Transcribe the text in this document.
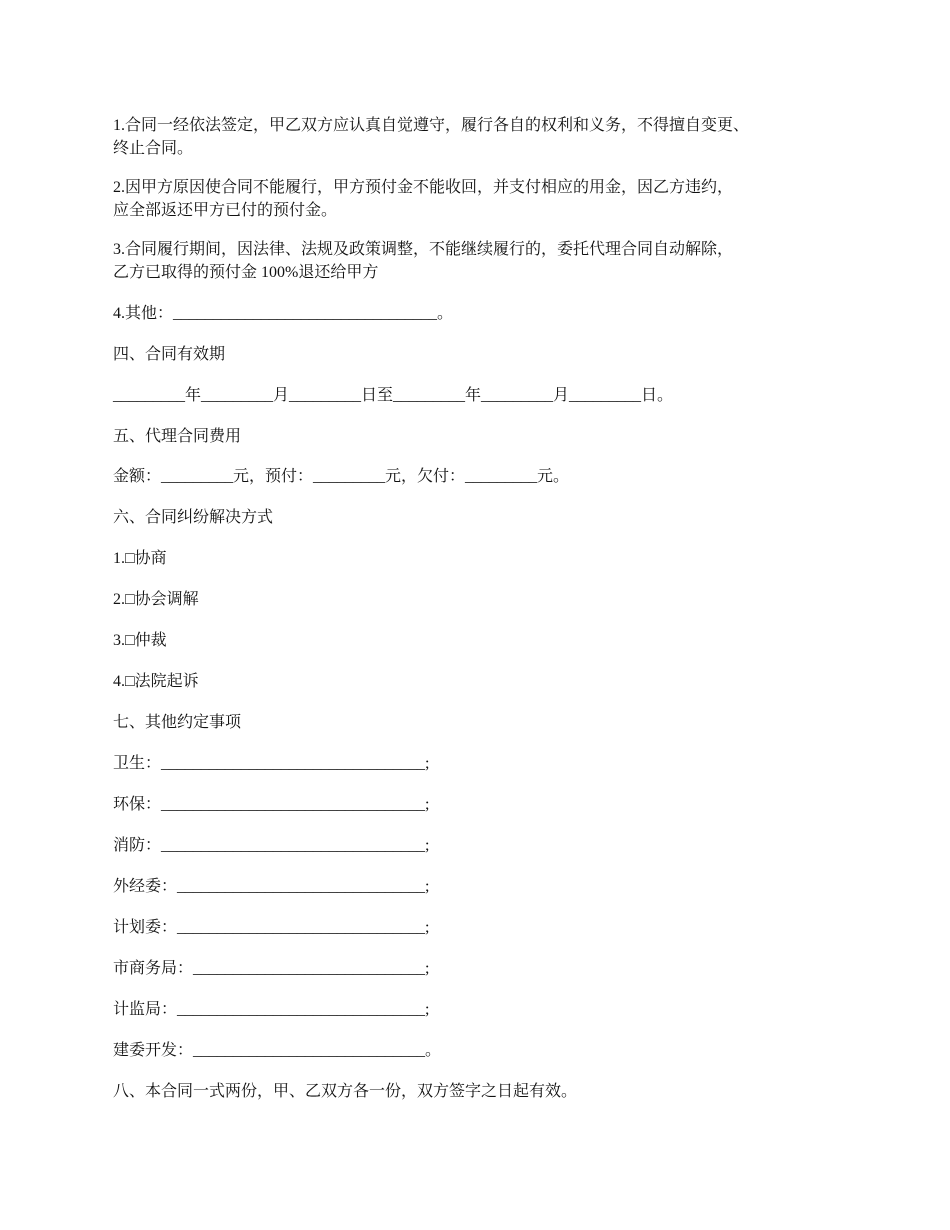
1.合同一经依法签定，甲乙双方应认真自觉遵守，履行各自的权利和义务，不得擅自变更、
终止合同。
2.因甲方原因使合同不能履行，甲方预付金不能收回，并支付相应的用金，因乙方违约，
应全部返还甲方已付的预付金。
3.合同履行期间，因法律、法规及政策调整，不能继续履行的，委托代理合同自动解除，
乙方已取得的预付金 100%退还给甲方
4.其他：_________________________________。
四、合同有效期
_________年_________月_________日至_________年_________月_________日。
五、代理合同费用
金额：_________元，预付：_________元，欠付：_________元。
六、合同纠纷解决方式
1.□协商
2.□协会调解
3.□仲裁
4.□法院起诉
七、其他约定事项
卫生：_________________________________;
环保：_________________________________;
消防：_________________________________;
外经委：_______________________________;
计划委：_______________________________;
市商务局：_____________________________;
计监局：_______________________________;
建委开发：_____________________________。
八、本合同一式两份，甲、乙双方各一份，双方签字之日起有效。
